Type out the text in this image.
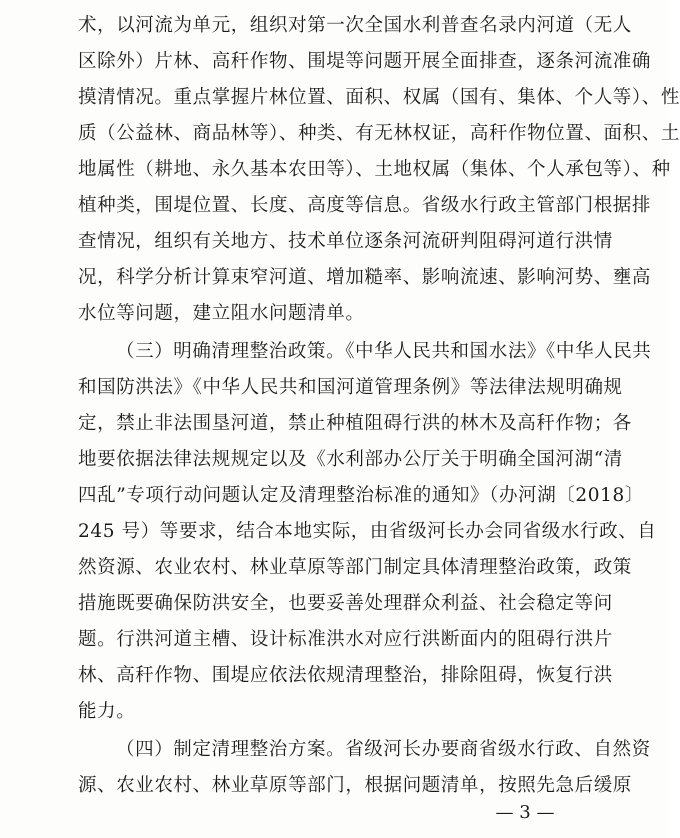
术，以河流为单元，组织对第一次全国水利普查名录内河道（无人
区除外）片林、高秆作物、围堤等问题开展全面排查，逐条河流准确
摸清情况。重点掌握片林位置、面积、权属（国有、集体、个人等）、性
质（公益林、商品林等）、种类、有无林权证，高秆作物位置、面积、土
地属性（耕地、永久基本农田等）、土地权属（集体、个人承包等）、种
植种类，围堤位置、长度、高度等信息。省级水行政主管部门根据排
查情况，组织有关地方、技术单位逐条河流研判阻碍河道行洪情
况，科学分析计算束窄河道、增加糙率、影响流速、影响河势、壅高
水位等问题，建立阻水问题清单。
（三）明确清理整治政策。《中华人民共和国水法》《中华人民共
和国防洪法》《中华人民共和国河道管理条例》等法律法规明确规
定，禁止非法围垦河道，禁止种植阻碍行洪的林木及高秆作物；各
地要依据法律法规规定以及《水利部办公厅关于明确全国河湖“清
四乱”专项行动问题认定及清理整治标准的通知》（办河湖〔2018〕
245 号）等要求，结合本地实际，由省级河长办会同省级水行政、自
然资源、农业农村、林业草原等部门制定具体清理整治政策，政策
措施既要确保防洪安全，也要妥善处理群众利益、社会稳定等问
题。行洪河道主槽、设计标准洪水对应行洪断面内的阻碍行洪片
林、高秆作物、围堤应依法依规清理整治，排除阻碍，恢复行洪
能力。
（四）制定清理整治方案。省级河长办要商省级水行政、自然资
源、农业农村、林业草原等部门，根据问题清单，按照先急后缓原
— 3 —
